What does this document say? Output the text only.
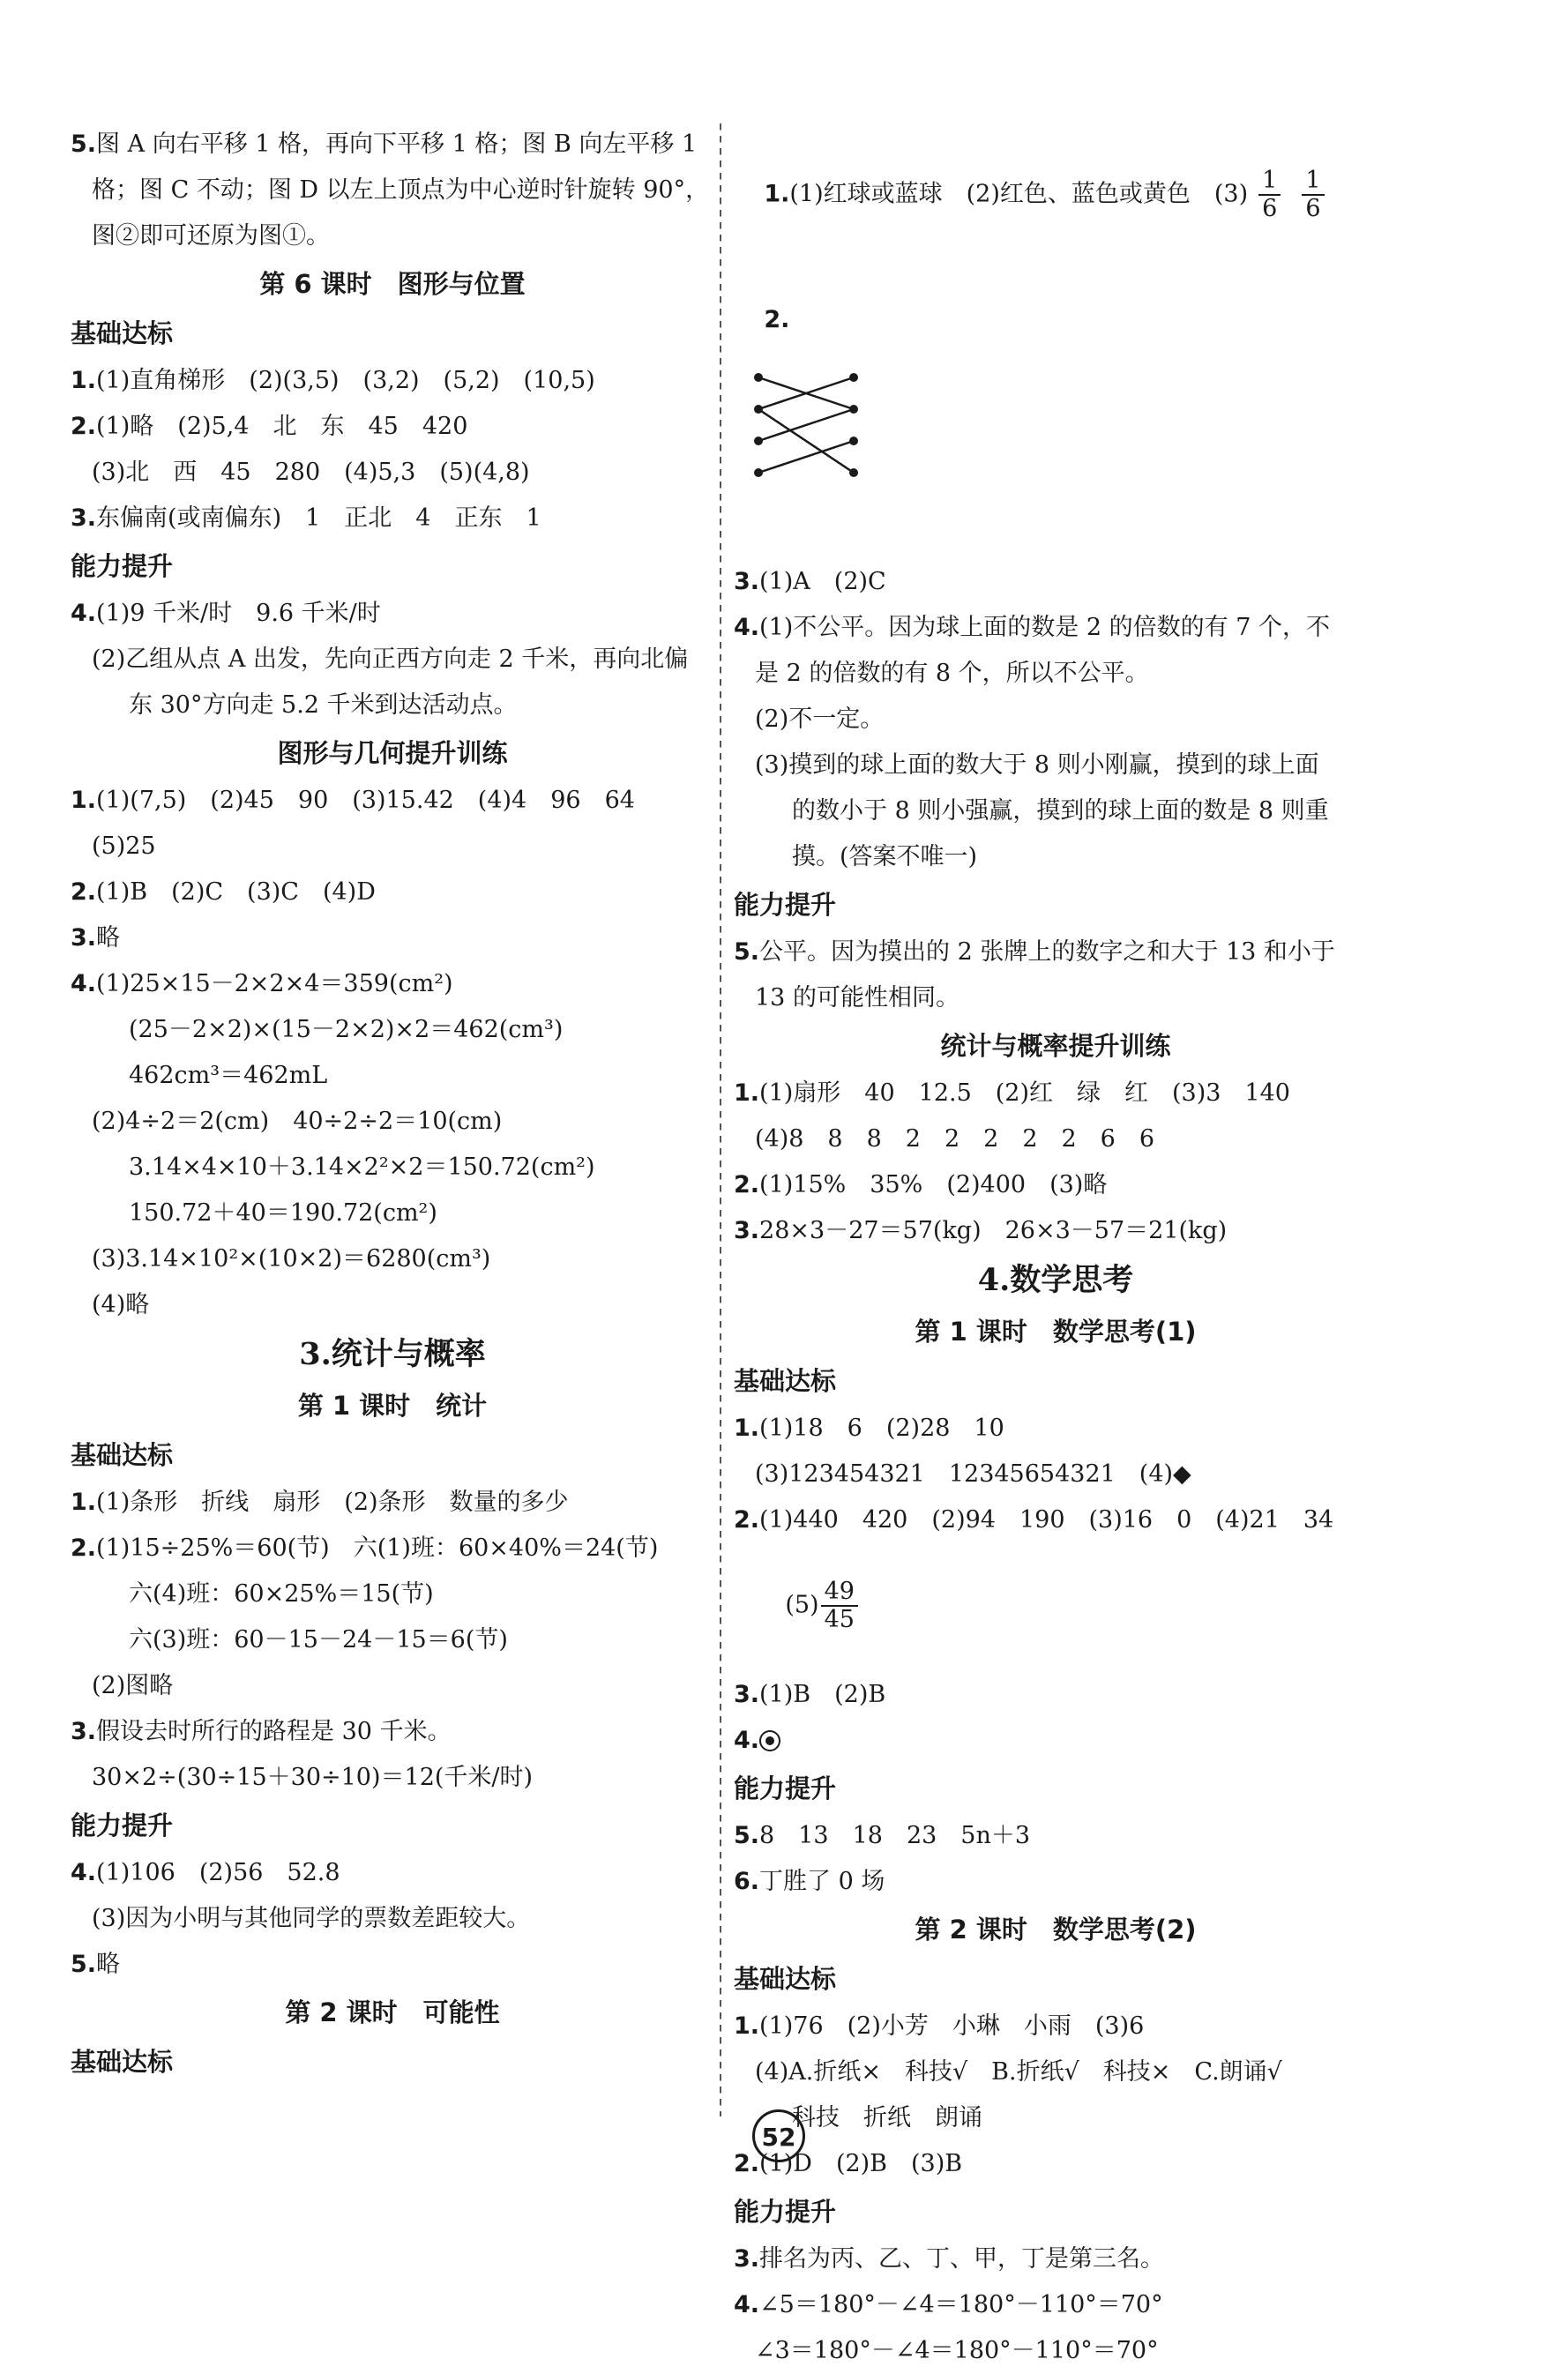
5.图 A 向右平移 1 格，再向下平移 1 格；图 B 向左平移 1
格；图 C 不动；图 D 以左上顶点为中心逆时针旋转 90°，
图②即可还原为图①。
第 6 课时　图形与位置
基础达标
1.(1)直角梯形　(2)(3,5)　(3,2)　(5,2)　(10,5)
2.(1)略　(2)5,4　北　东　45　420
(3)北　西　45　280　(4)5,3　(5)(4,8)
3.东偏南(或南偏东)　1　正北　4　正东　1
能力提升
4.(1)9 千米/时　9.6 千米/时
(2)乙组从点 A 出发，先向正西方向走 2 千米，再向北偏
东 30°方向走 5.2 千米到达活动点。
图形与几何提升训练
1.(1)(7,5)　(2)45　90　(3)15.42　(4)4　96　64
(5)25
2.(1)B　(2)C　(3)C　(4)D
3.略
4.(1)25×15－2×2×4＝359(cm²)
(25－2×2)×(15－2×2)×2＝462(cm³)
462cm³＝462mL
(2)4÷2＝2(cm)　40÷2÷2＝10(cm)
3.14×4×10＋3.14×2²×2＝150.72(cm²)
150.72＋40＝190.72(cm²)
(3)3.14×10²×(10×2)＝6280(cm³)
(4)略
3.统计与概率
第 1 课时　统计
基础达标
1.(1)条形　折线　扇形　(2)条形　数量的多少
2.(1)15÷25%＝60(节)　六(1)班：60×40%＝24(节)
六(4)班：60×25%＝15(节)
六(3)班：60－15－24－15＝6(节)
(2)图略
3.假设去时所行的路程是 30 千米。
30×2÷(30÷15＋30÷10)＝12(千米/时)
能力提升
4.(1)106　(2)56　52.8
(3)因为小明与其他同学的票数差距较大。
5.略
第 2 课时　可能性
基础达标

1.(1)红球或蓝球　(2)红色、蓝色或黄色　$(3) \frac{1}{6} \frac{1}{6}$

2.

3.(1)A　(2)C
4.(1)不公平。因为球上面的数是 2 的倍数的有 7 个，不
是 2 的倍数的有 8 个，所以不公平。
(2)不一定。
(3)摸到的球上面的数大于 8 则小刚赢，摸到的球上面
的数小于 8 则小强赢，摸到的球上面的数是 8 则重
摸。(答案不唯一)
能力提升
5.公平。因为摸出的 2 张牌上的数字之和大于 13 和小于
13 的可能性相同。
统计与概率提升训练
1.(1)扇形　40　12.5　(2)红　绿　红　(3)3　140
(4)8　8　8　2　2　2　2　2　6　6
2.(1)15%　35%　(2)400　(3)略
3.28×3－27＝57(kg)　26×3－57＝21(kg)
4.数学思考
第 1 课时　数学思考(1)
基础达标
1.(1)18　6　(2)28　10
(3)123454321　12345654321　(4)◆
2.(1)440　420　(2)94　190　(3)16　0　(4)21　34

$(5) \frac{49}{45}$

3.(1)B　(2)B
4.
能力提升
5.8　13　18　23　5n＋3
6.丁胜了 0 场
第 2 课时　数学思考(2)
基础达标
1.(1)76　(2)小芳　小琳　小雨　(3)6
(4)A.折纸×　科技√　B.折纸√　科技×　C.朗诵√
科技　折纸　朗诵
2.(1)D　(2)B　(3)B
能力提升
3.排名为丙、乙、丁、甲，丁是第三名。
4.∠5＝180°－∠4＝180°－110°＝70°
∠3＝180°－∠4＝180°－110°＝70°
52
